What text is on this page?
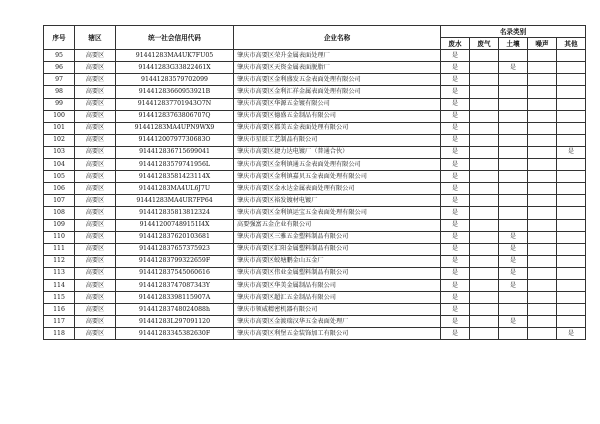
序号	辖区	统一社会信用代码	企业名称	名录类别				
				废水	废气	土壤	噪声	其他
95	高要区	91441283MA4UK7FU05	肇庆市高要区荣升金属表面处理厂	是				
96	高要区	91441283G33822461X	肇庆市高要区天资金属表面脱脂厂	是		是		
97	高要区	91441283579702099	肇庆市高要区金利盛发五金表面处理有限公司	是				
98	高要区	91441283660953921B	肇庆市高要区金利汇祥金属表面处理有限公司	是				
99	高要区	914412837701943O7N	肇庆市高要区华源五金镀有限公司	是				
100	高要区	91441283763806707Q	肇庆市高要区德盛五金制品有限公司	是				
101	高要区	91441283MA4UPN9WX9	肇庆市高要区都美五金表面处理有限公司	是				
102	高要区	91441200797730683O	肇庆市星辰工艺制品有限公司	是				
103	高要区	914412836715699041	肇庆市高要区捷力达电镀厂（普通合伙）	是				是
104	高要区	91441283579741956L	肇庆市高要区金利镇通五金表面处理有限公司	是				
105	高要区	91441283581423114X	肇庆市高要区金利镇嘉贝五金表面处理有限公司	是				
106	高要区	91441283MA4UL6J7U	肇庆市高要区金永达金属表面处理有限公司	是				
107	高要区	91441283MA4UR7FP64	肇庆市高要区裕发镀材电镀厂	是				
108	高要区	914412835813812324	肇庆市高要区金利镇运宝五金表面处理有限公司	是				
109	高要区	914412007489151I4X	高要强富五金企业有限公司	是				
110	高要区	914412837620103681	肇庆市高要区三雅五金塑料制品有限公司	是		是		
111	高要区	914412837657375923	肇庆市高要区汇阳金属塑料制品有限公司	是		是		
112	高要区	91441283799322659F	肇庆市高要区蛟塘鹏金山五金厂	是		是		
113	高要区	914412837545060616	肇庆市高要区伟业金属塑料制品有限公司	是		是		
114	高要区	91441283747087343Y	肇庆市高要区华美金属制品有限公司	是		是		
115	高要区	91441283398115907A	肇庆市高要区超汇五金制品有限公司	是				
116	高要区	91441283748024088h	肇庆市领威精密机器有限公司	是				
117	高要区	91441283L297091120	肇庆市高要区金渡瑞汉华五金表面处理厂	是		是		
118	高要区	91441283345382630F	肇庆市高要区利堡五金装饰加工有限公司	是				是
